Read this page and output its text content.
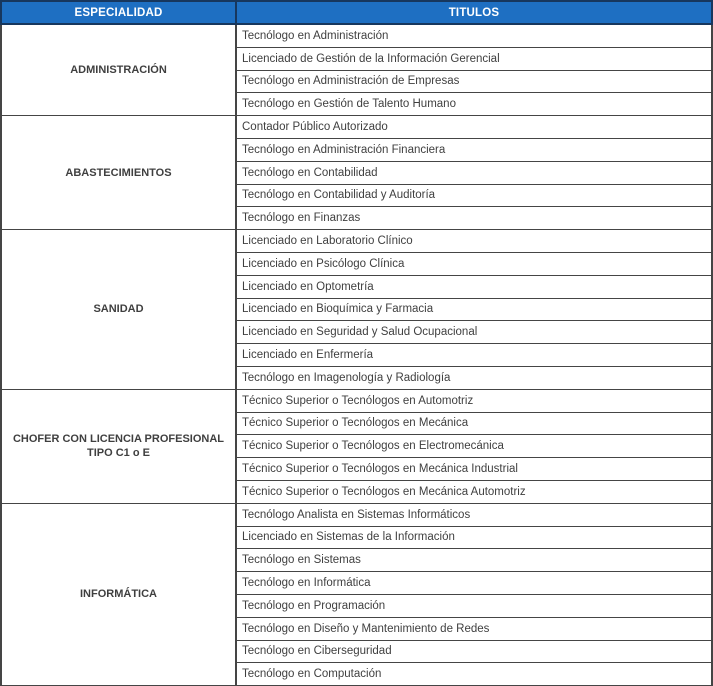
ESPECIALIDAD	TITULOS
ADMINISTRACIÓN	Tecnólogo en Administración
	Licenciado de Gestión de la Información Gerencial
	Tecnólogo en Administración de Empresas
	Tecnólogo en Gestión de Talento Humano
ABASTECIMIENTOS	Contador Público Autorizado
	Tecnólogo en Administración Financiera
	Tecnólogo en Contabilidad
	Tecnólogo en Contabilidad y Auditoría
	Tecnólogo en Finanzas
SANIDAD	Licenciado en Laboratorio Clínico
	Licenciado en Psicólogo Clínica
	Licenciado en Optometría
	Licenciado en Bioquímica y Farmacia
	Licenciado en Seguridad y Salud Ocupacional
	Licenciado en Enfermería
	Tecnólogo en Imagenología y Radiología
CHOFER CON LICENCIA PROFESIONAL TIPO C1 o E	Técnico Superior o Tecnólogos en Automotriz
	Técnico Superior o Tecnólogos en Mecánica
	Técnico Superior o Tecnólogos en Electromecánica
	Técnico Superior o Tecnólogos en Mecánica Industrial
	Técnico Superior o Tecnólogos en Mecánica Automotriz
INFORMÁTICA	Tecnólogo Analista en Sistemas Informáticos
	Licenciado en Sistemas de la Información
	Tecnólogo en Sistemas
	Tecnólogo en Informática
	Tecnólogo en Programación
	Tecnólogo en Diseño y Mantenimiento de Redes
	Tecnólogo en Ciberseguridad
	Tecnólogo en Computación
